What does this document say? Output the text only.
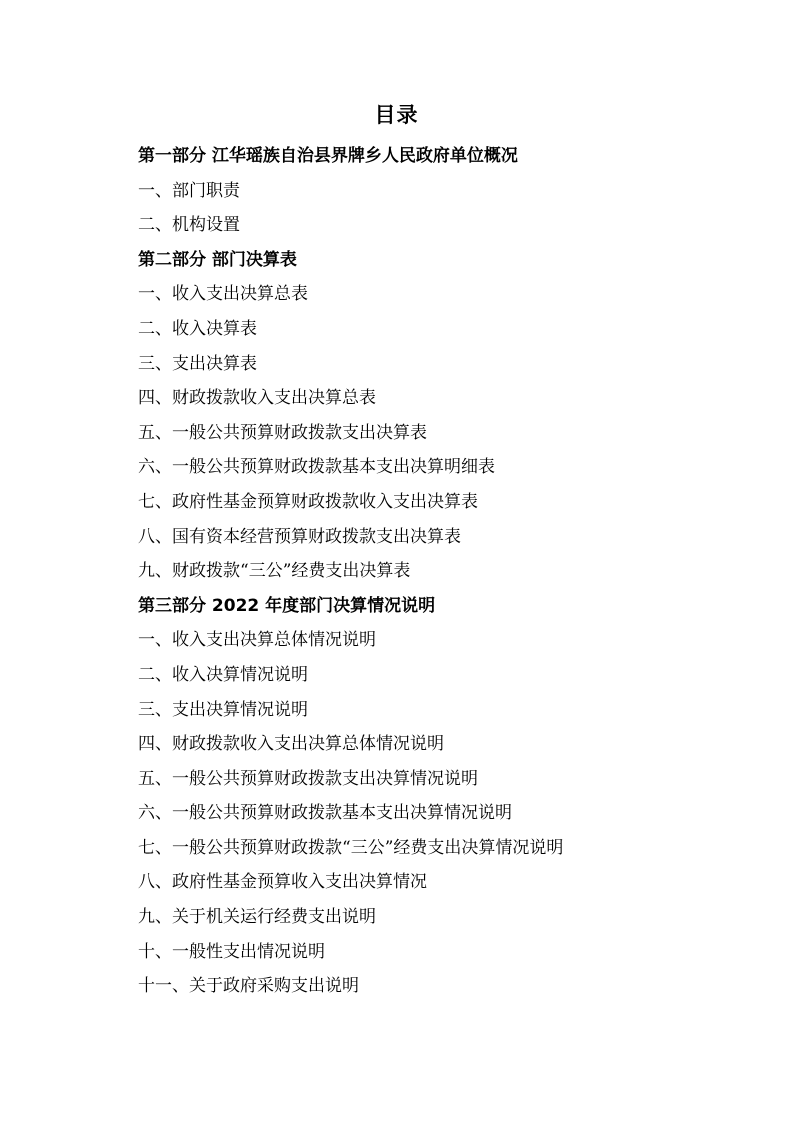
目录
第一部分 江华瑶族自治县界牌乡人民政府单位概况
一、部门职责
二、机构设置
第二部分 部门决算表
一、收入支出决算总表
二、收入决算表
三、支出决算表
四、财政拨款收入支出决算总表
五、一般公共预算财政拨款支出决算表
六、一般公共预算财政拨款基本支出决算明细表
七、政府性基金预算财政拨款收入支出决算表
八、国有资本经营预算财政拨款支出决算表
九、财政拨款“三公”经费支出决算表
第三部分 2022 年度部门决算情况说明
一、收入支出决算总体情况说明
二、收入决算情况说明
三、支出决算情况说明
四、财政拨款收入支出决算总体情况说明
五、一般公共预算财政拨款支出决算情况说明
六、一般公共预算财政拨款基本支出决算情况说明
七、一般公共预算财政拨款“三公”经费支出决算情况说明
八、政府性基金预算收入支出决算情况
九、关于机关运行经费支出说明
十、一般性支出情况说明
十一、关于政府采购支出说明
